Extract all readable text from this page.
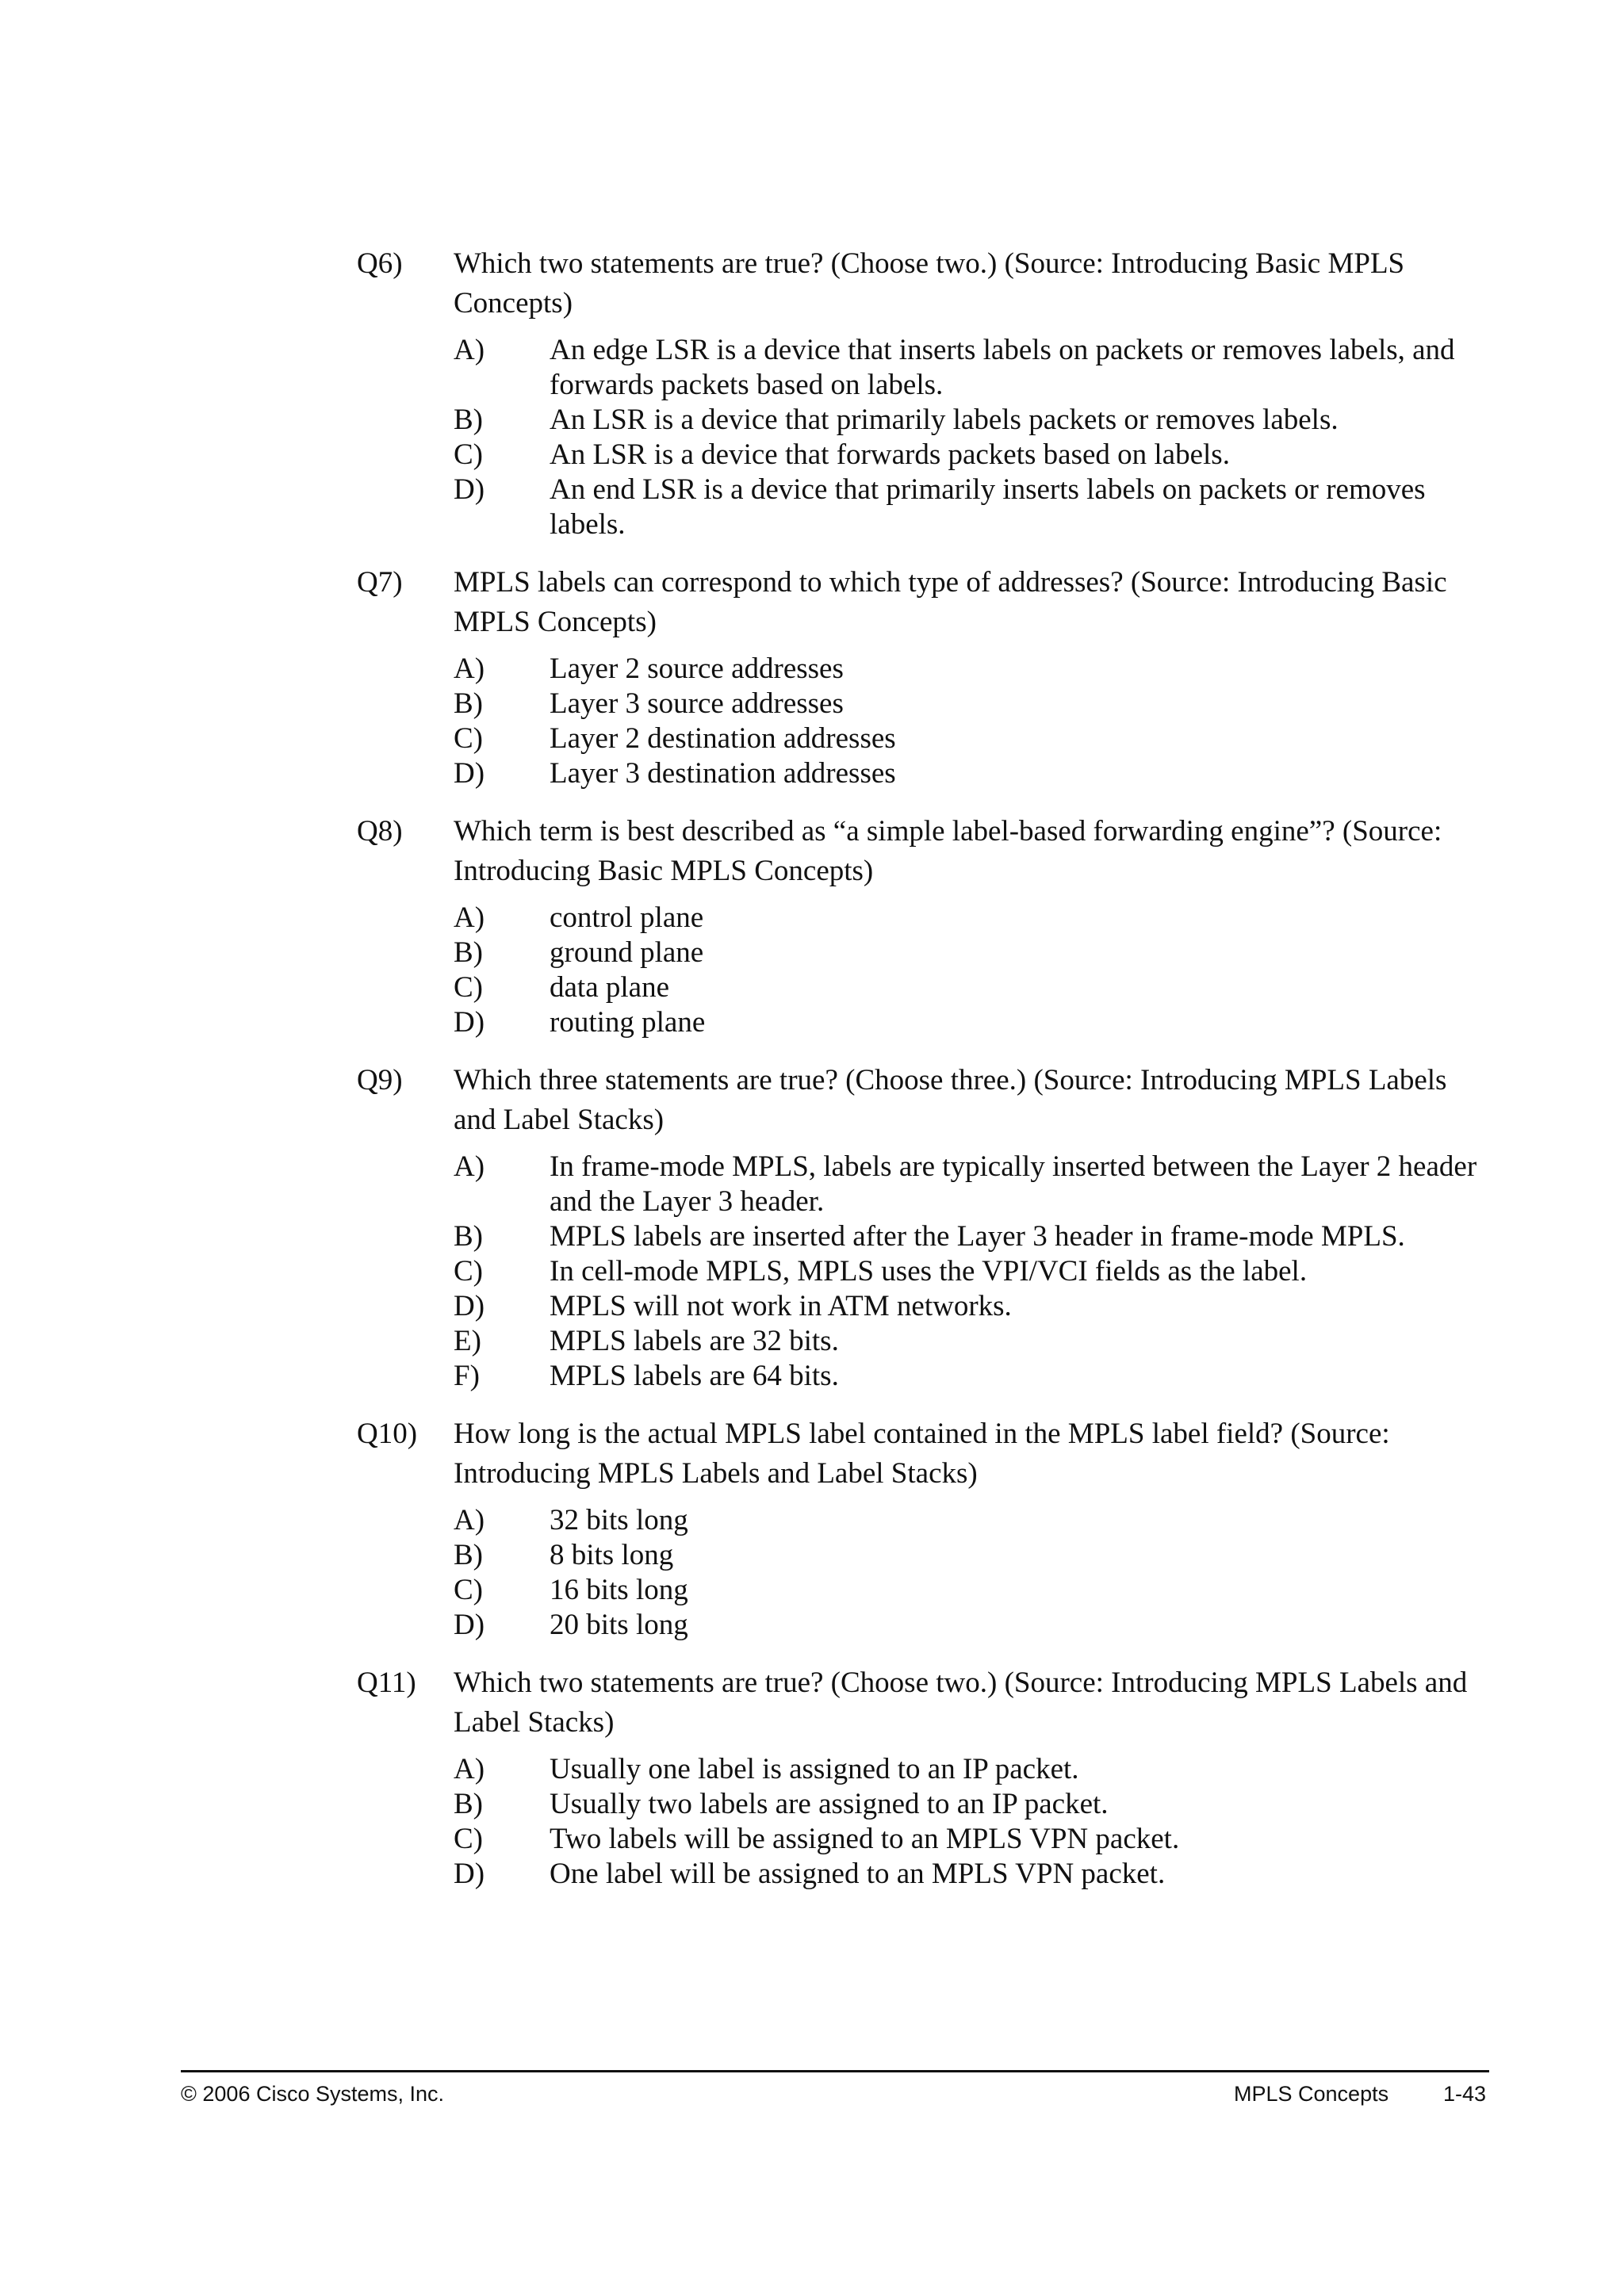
Q6) Which two statements are true? (Choose two.) (Source: Introducing Basic MPLS Concepts)
A) An edge LSR is a device that inserts labels on packets or removes labels, and forwards packets based on labels.
B) An LSR is a device that primarily labels packets or removes labels.
C) An LSR is a device that forwards packets based on labels.
D) An end LSR is a device that primarily inserts labels on packets or removes labels.
Q7) MPLS labels can correspond to which type of addresses? (Source: Introducing Basic MPLS Concepts)
A) Layer 2 source addresses
B) Layer 3 source addresses
C) Layer 2 destination addresses
D) Layer 3 destination addresses
Q8) Which term is best described as “a simple label-based forwarding engine”? (Source: Introducing Basic MPLS Concepts)
A) control plane
B) ground plane
C) data plane
D) routing plane
Q9) Which three statements are true? (Choose three.) (Source: Introducing MPLS Labels and Label Stacks)
A) In frame-mode MPLS, labels are typically inserted between the Layer 2 header and the Layer 3 header.
B) MPLS labels are inserted after the Layer 3 header in frame-mode MPLS.
C) In cell-mode MPLS, MPLS uses the VPI/VCI fields as the label.
D) MPLS will not work in ATM networks.
E) MPLS labels are 32 bits.
F) MPLS labels are 64 bits.
Q10) How long is the actual MPLS label contained in the MPLS label field? (Source: Introducing MPLS Labels and Label Stacks)
A) 32 bits long
B) 8 bits long
C) 16 bits long
D) 20 bits long
Q11) Which two statements are true? (Choose two.) (Source: Introducing MPLS Labels and Label Stacks)
A) Usually one label is assigned to an IP packet.
B) Usually two labels are assigned to an IP packet.
C) Two labels will be assigned to an MPLS VPN packet.
D) One label will be assigned to an MPLS VPN packet.
© 2006 Cisco Systems, Inc.	MPLS Concepts	1-43
